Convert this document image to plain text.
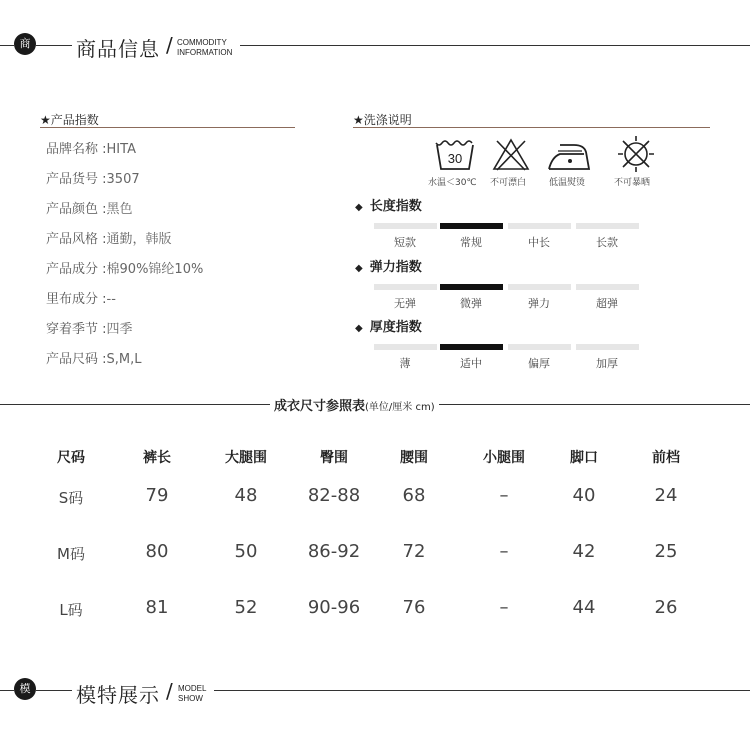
商 商品信息 / COMMODITY
INFORMATION
★产品指数
品牌名称 :HITA
产品货号 :3507
产品颜色 :黑色
产品风格 :通勤，韩版
产品成分 :棉90%锦纶10%
里布成分 :--
穿着季节 :四季
产品尺码 :S,M,L
★洗涤说明
30
水温＜30℃ 不可漂白	低温熨烫	不可暴晒
◆ 长度指数
短款	常规	中长	长款
◆ 弹力指数
无弹	微弹	弹力	超弹
◆ 厚度指数
薄	适中	偏厚	加厚
成衣尺寸参照表(单位/厘米 cm)
尺码	裤长	大腿围	臀围	腰围	小腿围	脚口	前档
S码	79	48	82-88	68	–	40	24
M码	80	50	86-92	72	–	42	25
L码	81	52	90-96	76	–	44	26
模 模特展示 / MODEL
SHOW
